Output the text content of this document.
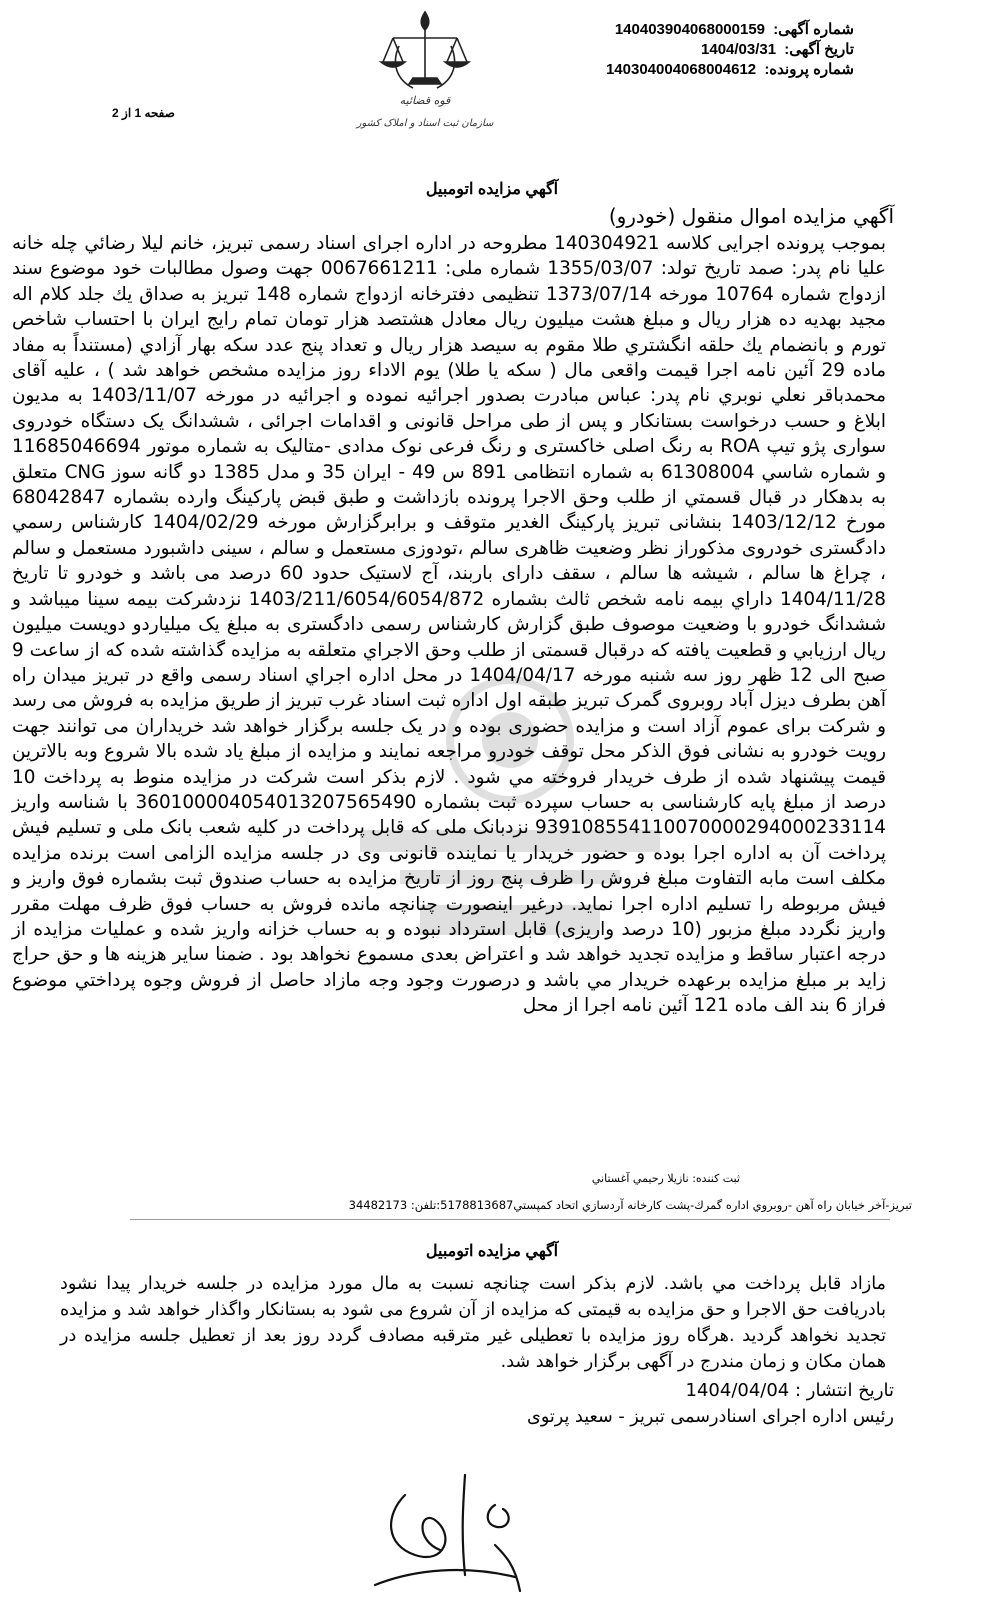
شماره آگهی: 140403904068000159
تاریخ آگهی: 1404/03/31
شماره پرونده: 14030400406800461‎2
قوه قضائیه
سازمان ثبت اسناد و املاک کشور
صفحه 1 از 2
آگهي مزايده اتومبيل
آگهي مزايده اموال منقول (خودرو)
بموجب پرونده اجرايی کلاسه 140304921 مطروحه در اداره اجرای اسناد رسمی تبريز، خانم ليلا رضائي چله خانه عليا نام پدر: صمد تاريخ تولد: 1355/03/07 شماره ملی: 0067661211 جهت وصول مطالبات خود موضوع سند ازدواج شماره 10764 مورخه 1373/07/14 تنظيمی دفترخانه ازدواج شماره 148 تبريز به صداق يك جلد كلام اله مجيد بهديه ده هزار ريال و مبلغ هشت ميليون ريال معادل هشتصد هزار تومان تمام رايج ايران با احتساب شاخص تورم و بانضمام يك حلقه انگشتري طلا مقوم به سيصد هزار ريال و تعداد پنج عدد سكه بهار آزادي (مستنداً به مفاد ماده 29 آئين نامه اجرا قيمت واقعی مال ( سكه يا طلا) يوم الاداء روز مزايده مشخص خواهد شد ) ، عليه آقای محمدباقر نعلي نوبري نام پدر: عباس مبادرت بصدور اجرائيه نموده و اجرائيه در مورخه 1403/11/07 به مديون ابلاغ و حسب درخواست بستانكار و پس از طی مراحل قانونی و اقدامات اجرائی ، ششدانگ يک دستگاه خودروی سواری پژو تيپ ROA به رنگ اصلی خاكستری و رنگ فرعی نوک مدادی -متاليک به شماره موتور 11685046694 و شماره شاسي 61308004 به شماره انتظامی 891 س 49 - ايران 35 و مدل 1385 دو گانه سوز CNG متعلق به بدهكار در قبال قسمتي از طلب وحق الاجرا پرونده بازداشت و طبق قبض پاركينگ وارده بشماره 68042847 مورخ 1403/12/12 بنشانی تبريز پاركينگ الغدير متوقف و برابرگزارش مورخه 1404/02/29 كارشناس رسمي دادگستری خودروی مذکوراز نظر وضعيت ظاهری سالم ،تودوزی مستعمل و سالم ، سينی داشبورد مستعمل و سالم ، چراغ ها سالم ، شيشه ها سالم ، سقف دارای باربند، آج لاستيک حدود 60 درصد می باشد و خودرو تا تاريخ 1404/11/28 داراي بيمه نامه شخص ثالث بشماره 1403/211/6054/6054/872 نزدشرکت بيمه سينا ميباشد و ششدانگ خودرو با وضعيت موصوف طبق گزارش كارشناس رسمی دادگستری به مبلغ يک ميلياردو دويست ميليون ريال ارزيابي و قطعيت يافته كه درقبال قسمتی از طلب وحق الاجراي متعلقه به مزايده گذاشته شده كه از ساعت 9 صبح الی 12 ظهر روز سه شنبه مورخه 1404/04/17 در محل اداره اجراي اسناد رسمی واقع در تبريز ميدان راه آهن بطرف ديزل آباد روبروی گمرک تبريز طبقه اول اداره ثبت اسناد غرب تبريز از طريق مزايده به فروش می رسد و شركت برای عموم آزاد است و مزايده حضوری بوده و در يک جلسه برگزار خواهد شد خريداران می توانند جهت رويت خودرو به نشانی فوق الذكر محل توقف خودرو مراجعه نمايند و مزايده از مبلغ ياد شده بالا شروع وبه بالاترين قيمت پيشنهاد شده از طرف خريدار فروخته مي شود . لازم بذكر است شركت در مزايده منوط به پرداخت 10 درصد از مبلغ پايه كارشناسی به حساب سپرده ثبت بشماره 3601000040540132075654‎90 با شناسه واريز 939108554110070000294000233114 نزدبانک ملی كه قابل پرداخت در كليه شعب بانک ملی و تسليم فيش پرداخت آن به اداره اجرا بوده و حضور خريدار يا نماينده قانونی وی در جلسه مزايده الزامی است برنده مزايده مكلف است مابه التفاوت مبلغ فروش را ظرف پنج روز از تاريخ مزايده به حساب صندوق ثبت بشماره فوق واريز و فيش مربوطه را تسليم اداره اجرا نمايد. درغير اينصورت چنانچه مانده فروش به حساب فوق ظرف مهلت مقرر واريز نگردد مبلغ مزبور (10 درصد واريزی) قابل استرداد نبوده و به حساب خزانه واريز شده و عمليات مزايده از درجه اعتبار ساقط و مزايده تجديد خواهد شد و اعتراض بعدی مسموع نخواهد بود . ضمنا ساير هزينه ها و حق حراج زايد بر مبلغ مزايده برعهده خريدار مي باشد و درصورت وجود وجه مازاد حاصل از فروش وجوه پرداختي موضوع فراز 6 بند الف ماده 121 آئين نامه اجرا از محل
ثبت كننده: نازيلا رحيمي آغستاني
تبريز-آخر خيابان راه آهن -روبروي اداره گمرك-پشت كارخانه آردسازي اتحاد كمپستي5178813687:تلفن: 34482173
آگهي مزايده اتومبيل
مازاد قابل پرداخت مي باشد. لازم بذكر است چنانچه نسبت به مال مورد مزايده در جلسه خريدار پيدا نشود بادريافت حق الاجرا و حق مزايده به قيمتی كه مزايده از آن شروع می شود به بستانكار واگذار خواهد شد و مزايده تجديد نخواهد گرديد .هرگاه روز مزايده با تعطيلی غير مترقبه مصادف گردد روز بعد از تعطيل جلسه مزايده در همان مكان و زمان مندرج در آگهی برگزار خواهد شد.
تاريخ انتشار : 1404/04/04
رئيس اداره اجرای اسنادرسمی تبريز - سعيد پرتوی
